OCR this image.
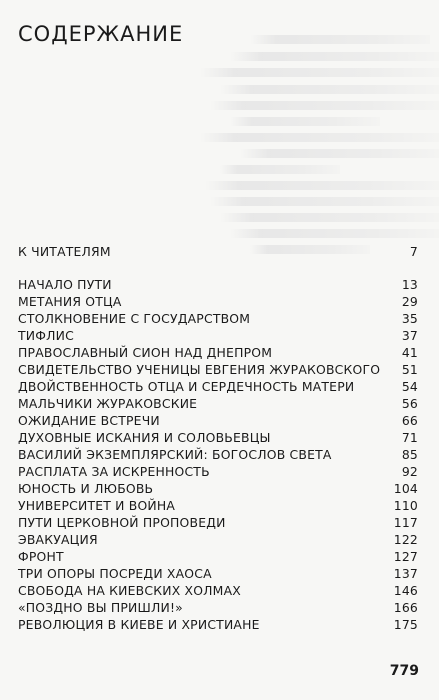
СОДЕРЖАНИЕ
К ЧИТАТЕЛЯМ	7
НАЧАЛО ПУТИ	13
МЕТАНИЯ ОТЦА	29
СТОЛКНОВЕНИЕ С ГОСУДАРСТВОМ	35
ТИФЛИС	37
ПРАВОСЛАВНЫЙ СИОН НАД ДНЕПРОМ	41
СВИДЕТЕЛЬСТВО УЧЕНИЦЫ ЕВГЕНИЯ ЖУРАКОВСКОГО 51
ДВОЙСТВЕННОСТЬ ОТЦА И СЕРДЕЧНОСТЬ МАТЕРИ	54
МАЛЬЧИКИ ЖУРАКОВСКИЕ	56
ОЖИДАНИЕ ВСТРЕЧИ	66
ДУХОВНЫЕ ИСКАНИЯ И СОЛОВЬЕВЦЫ	71
ВАСИЛИЙ ЭКЗЕМПЛЯРСКИЙ: БОГОСЛОВ СВЕТА	85
РАСПЛАТА ЗА ИСКРЕННОСТЬ	92
ЮНОСТЬ И ЛЮБОВЬ	104
УНИВЕРСИТЕТ И ВОЙНА	110
ПУТИ ЦЕРКОВНОЙ ПРОПОВЕДИ	117
ЭВАКУАЦИЯ	122
ФРОНТ	127
ТРИ ОПОРЫ ПОСРЕДИ ХАОСА	137
СВОБОДА НА КИЕВСКИХ ХОЛМАХ	146
«ПОЗДНО ВЫ ПРИШЛИ!»	166
РЕВОЛЮЦИЯ В КИЕВЕ И ХРИСТИАНЕ	175
779
